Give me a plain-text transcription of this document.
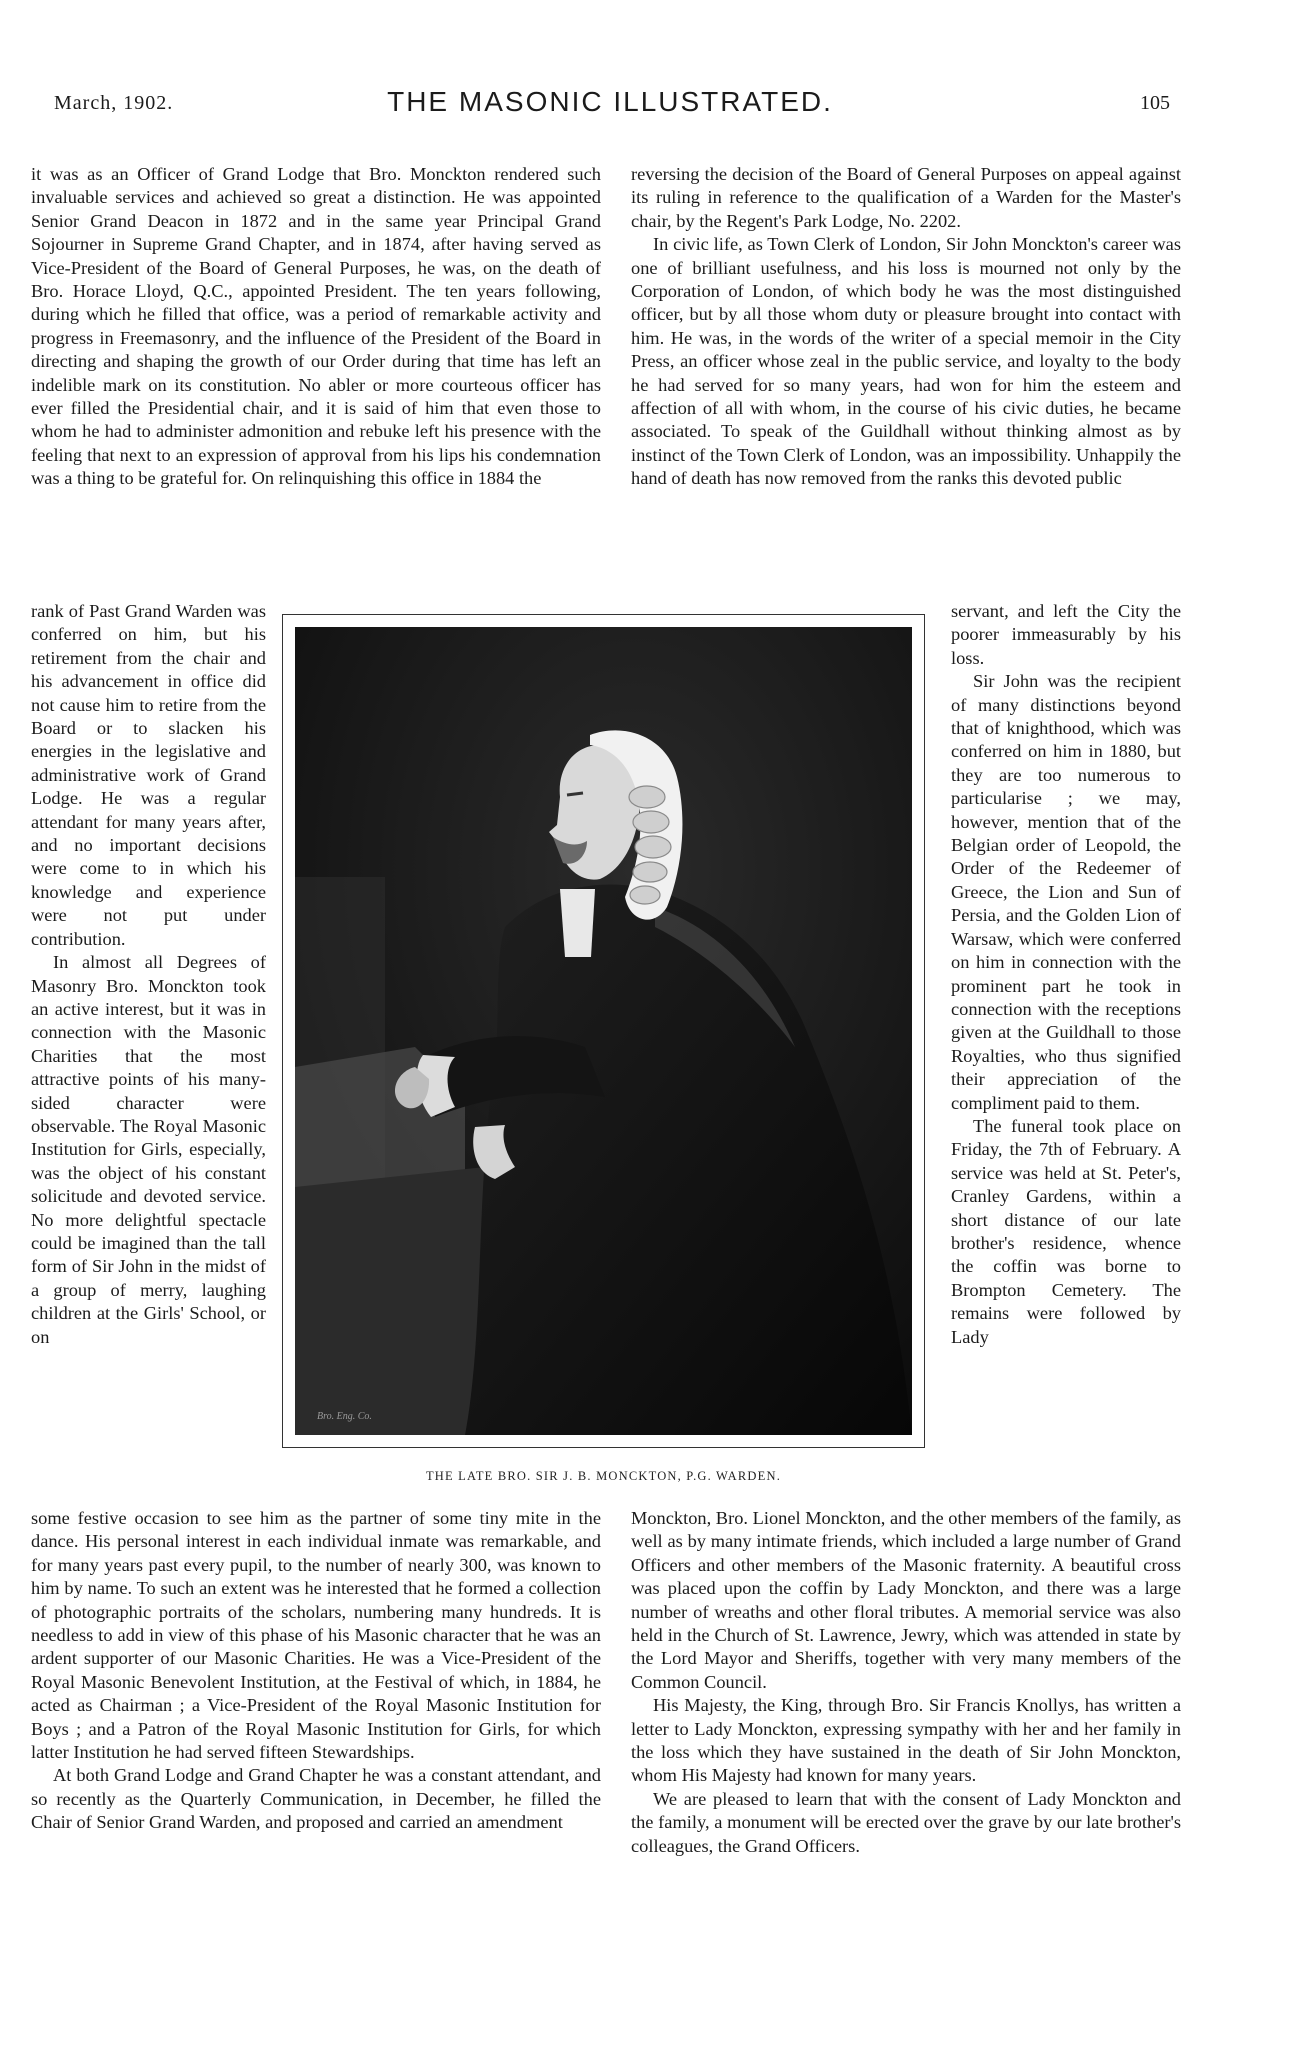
March, 1902.	THE MASONIC ILLUSTRATED.	105

it was as an Officer of Grand Lodge that Bro. Monckton rendered such invaluable services and achieved so great a distinction. He was appointed Senior Grand Deacon in 1872 and in the same year Principal Grand Sojourner in Supreme Grand Chapter, and in 1874, after having served as Vice-President of the Board of General Purposes, he was, on the death of Bro. Horace Lloyd, Q.C., appointed President. The ten years following, during which he filled that office, was a period of remarkable activity and progress in Freemasonry, and the influence of the President of the Board in directing and shaping the growth of our Order during that time has left an indelible mark on its constitution. No abler or more courteous officer has ever filled the Presidential chair, and it is said of him that even those to whom he had to administer admonition and rebuke left his presence with the feeling that next to an expression of approval from his lips his condemnation was a thing to be grateful for. On relinquishing this office in 1884 the

rank of Past Grand Warden was conferred on him, but his retirement from the chair and his advancement in office did not cause him to retire from the Board or to slacken his energies in the legislative and administrative work of Grand Lodge. He was a regular attendant for many years after, and no important decisions were come to in which his knowledge and experience were not put under contribution.

In almost all Degrees of Masonry Bro. Monckton took an active interest, but it was in connection with the Masonic Charities that the most attractive points of his many-sided character were observable. The Royal Masonic Institution for Girls, especially, was the object of his constant solicitude and devoted service. No more delightful spectacle could be imagined than the tall form of Sir John in the midst of a group of merry, laughing children at the Girls' School, or on

some festive occasion to see him as the partner of some tiny mite in the dance. His personal interest in each individual inmate was remarkable, and for many years past every pupil, to the number of nearly 300, was known to him by name. To such an extent was he interested that he formed a collection of photographic portraits of the scholars, numbering many hundreds. It is needless to add in view of this phase of his Masonic character that he was an ardent supporter of our Masonic Charities. He was a Vice-President of the Royal Masonic Benevolent Institution, at the Festival of which, in 1884, he acted as Chairman ; a Vice-President of the Royal Masonic Institution for Boys ; and a Patron of the Royal Masonic Institution for Girls, for which latter Institution he had served fifteen Stewardships.

At both Grand Lodge and Grand Chapter he was a constant attendant, and so recently as the Quarterly Communication, in December, he filled the Chair of Senior Grand Warden, and proposed and carried an amendment

reversing the decision of the Board of General Purposes on appeal against its ruling in reference to the qualification of a Warden for the Master's chair, by the Regent's Park Lodge, No. 2202.

In civic life, as Town Clerk of London, Sir John Monckton's career was one of brilliant usefulness, and his loss is mourned not only by the Corporation of London, of which body he was the most distinguished officer, but by all those whom duty or pleasure brought into contact with him. He was, in the words of the writer of a special memoir in the City Press, an officer whose zeal in the public service, and loyalty to the body he had served for so many years, had won for him the esteem and affection of all with whom, in the course of his civic duties, he became associated. To speak of the Guildhall without thinking almost as by instinct of the Town Clerk of London, was an impossibility. Unhappily the hand of death has now removed from the ranks this devoted public

servant, and left the City the poorer immeasurably by his loss.

Sir John was the recipient of many distinctions beyond that of knighthood, which was conferred on him in 1880, but they are too numerous to particularise ; we may, however, mention that of the Belgian order of Leopold, the Order of the Redeemer of Greece, the Lion and Sun of Persia, and the Golden Lion of Warsaw, which were conferred on him in connection with the prominent part he took in connection with the receptions given at the Guildhall to those Royalties, who thus signified their appreciation of the compliment paid to them.

The funeral took place on Friday, the 7th of February. A service was held at St. Peter's, Cranley Gardens, within a short distance of our late brother's residence, whence the coffin was borne to Brompton Cemetery. The remains were followed by Lady

Monckton, Bro. Lionel Monckton, and the other members of the family, as well as by many intimate friends, which included a large number of Grand Officers and other members of the Masonic fraternity. A beautiful cross was placed upon the coffin by Lady Monckton, and there was a large number of wreaths and other floral tributes. A memorial service was also held in the Church of St. Lawrence, Jewry, which was attended in state by the Lord Mayor and Sheriffs, together with very many members of the Common Council.

His Majesty, the King, through Bro. Sir Francis Knollys, has written a letter to Lady Monckton, expressing sympathy with her and her family in the loss which they have sustained in the death of Sir John Monckton, whom His Majesty had known for many years.

We are pleased to learn that with the consent of Lady Monckton and the family, a monument will be erected over the grave by our late brother's colleagues, the Grand Officers.

Bro. Eng. Co.
THE LATE BRO. SIR J. B. MONCKTON, P.G. WARDEN.
